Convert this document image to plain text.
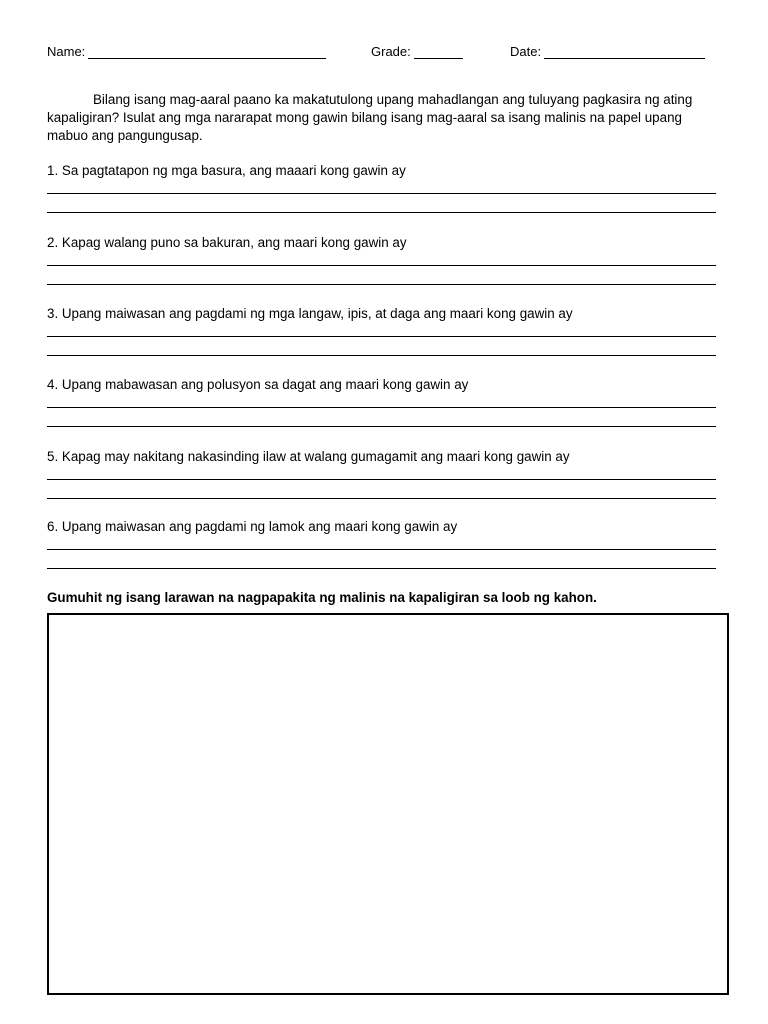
Name:	Grade:	Date:

Bilang isang mag-aaral paano ka makatutulong upang mahadlangan ang tuluyang pagkasira ng ating kapaligiran? Isulat ang mga nararapat mong gawin bilang isang mag-aaral sa isang malinis na papel upang mabuo ang pangungusap.

1. Sa pagtatapon ng mga basura, ang maaari kong gawin ay
2. Kapag walang puno sa bakuran, ang maari kong gawin ay
3. Upang maiwasan ang pagdami ng mga langaw, ipis, at daga ang maari kong gawin ay
4. Upang mabawasan ang polusyon sa dagat ang maari kong gawin ay
5. Kapag may nakitang nakasinding ilaw at walang gumagamit ang maari kong gawin ay
6. Upang maiwasan ang pagdami ng lamok ang maari kong gawin ay
Gumuhit ng isang larawan na nagpapakita ng malinis na kapaligiran sa loob ng kahon.
